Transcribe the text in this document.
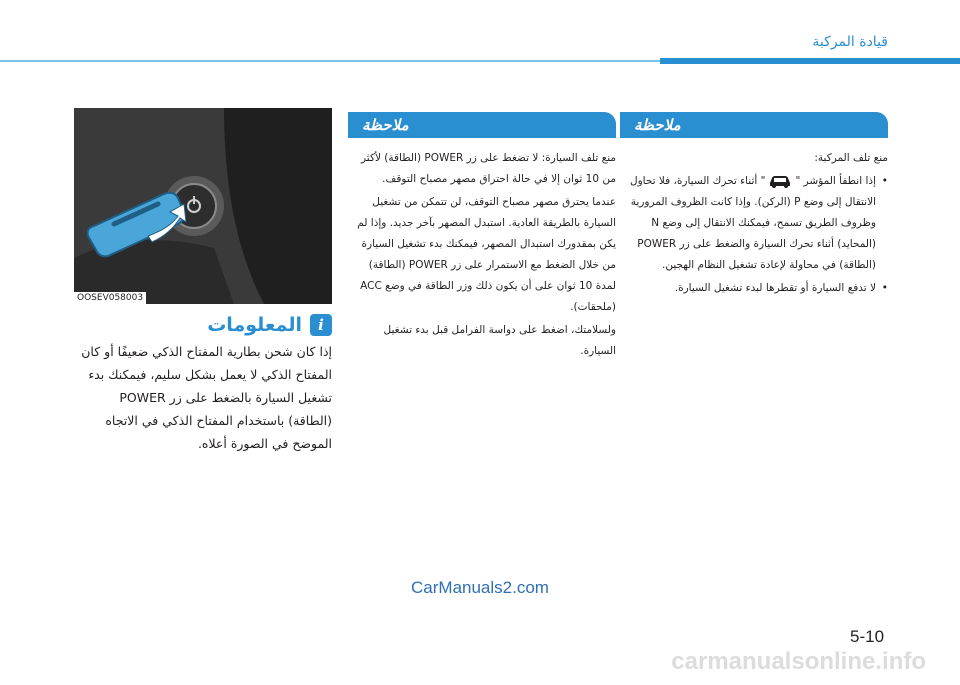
قيادة المركبة
ملاحظة

منع تلف المركبة:

• إذا انطفأ المؤشر "" أثناء تحرك السيارة، فلا تحاول الانتقال إلى وضع P (الركن). وإذا كانت الظروف المرورية وظروف الطريق تسمح، فيمكنك الانتقال إلى وضع N (المحايد) أثناء تحرك السيارة والضغط على زر POWER (الطاقة) في محاولة لإعادة تشغيل النظام الهجين.
• لا تدفع السيارة أو تقطرها لبدء تشغيل السيارة.
ملاحظة

منع تلف السيارة: لا تضغط على زر POWER (الطاقة) لأكثر من 10 ثوان إلا في حالة احتراق مصهر مصباح التوقف.

عندما يحترق مصهر مصباح التوقف، لن تتمكن من تشغيل السيارة بالطريقة العادية. استبدل المصهر بآخر جديد. وإذا لم يكن بمقدورك استبدال المصهر، فيمكنك بدء تشغيل السيارة من خلال الضغط مع الاستمرار على زر POWER (الطاقة) لمدة 10 ثوان على أن يكون ذلك وزر الطاقة في وضع ACC (ملحقات).

ولسلامتك، اضغط على دواسة الفرامل قبل بدء تشغيل السيارة.

OOSEV058003
i
المعلومات
إذا كان شحن بطارية المفتاح الذكي ضعيفًا أو كان المفتاح الذكي لا يعمل بشكل سليم، فيمكنك بدء تشغيل السيارة بالضغط على زر POWER (الطاقة) باستخدام المفتاح الذكي في الاتجاه الموضح في الصورة أعلاه.
CarManuals2.com
5-10
carmanualsonline.info
